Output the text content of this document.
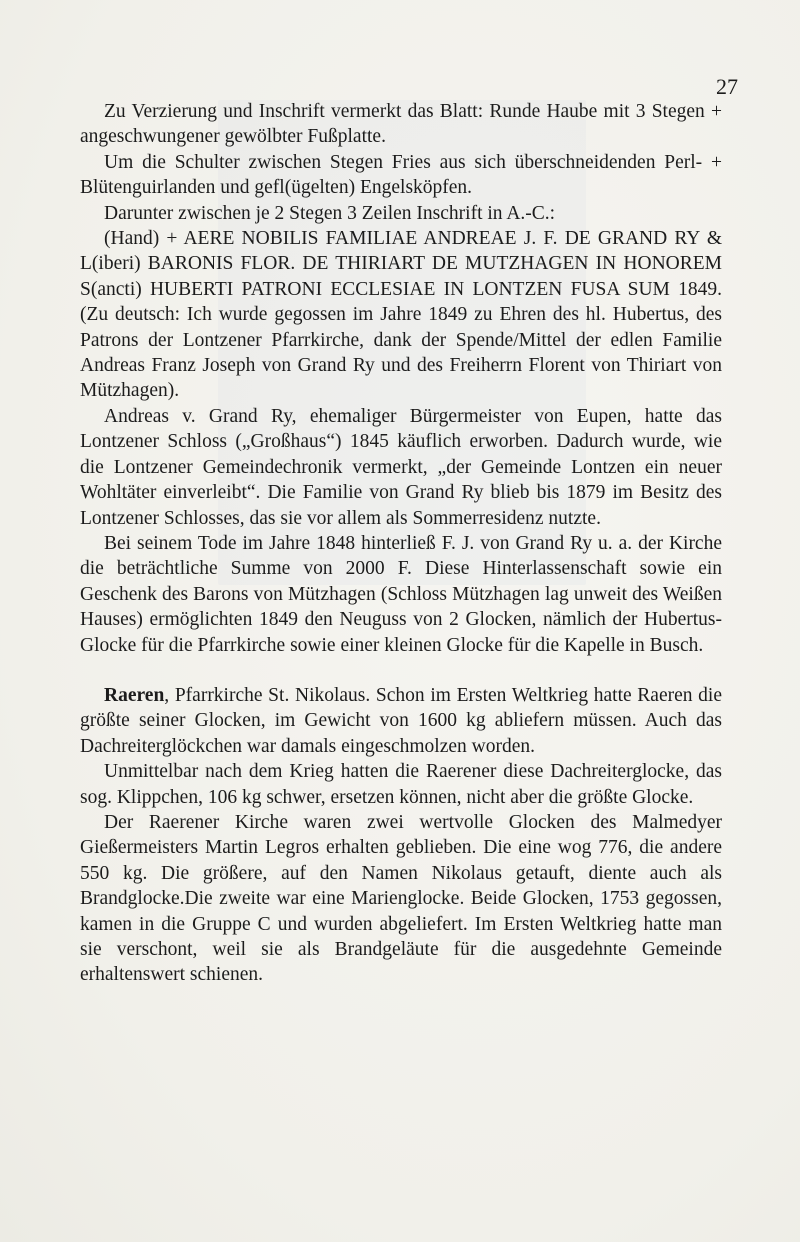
27

Zu Verzierung und Inschrift vermerkt das Blatt: Runde Haube mit 3 Stegen + angeschwungener gewölbter Fußplatte.

Um die Schulter zwischen Stegen Fries aus sich überschneidenden Perl- + Blütenguirlanden und gefl(ügelten) Engelsköpfen.

Darunter zwischen je 2 Stegen 3 Zeilen Inschrift in A.-C.:

(Hand) + AERE NOBILIS FAMILIAE ANDREAE J. F. DE GRAND RY & L(iberi) BARONIS FLOR. DE THIRIART DE MUTZHAGEN IN HONOREM S(ancti) HUBERTI PATRONI ECCLESIAE IN LONTZEN FUSA SUM 1849. (Zu deutsch: Ich wurde gegossen im Jahre 1849 zu Ehren des hl. Hubertus, des Patrons der Lontzener Pfarrkirche, dank der Spende/Mittel der edlen Familie Andreas Franz Joseph von Grand Ry und des Freiherrn Florent von Thiriart von Mützhagen).

Andreas v. Grand Ry, ehemaliger Bürgermeister von Eupen, hatte das Lontzener Schloss („Großhaus“) 1845 käuflich erworben. Dadurch wurde, wie die Lontzener Gemeindechronik vermerkt, „der Gemeinde Lontzen ein neuer Wohltäter einverleibt“. Die Familie von Grand Ry blieb bis 1879 im Besitz des Lontzener Schlosses, das sie vor allem als Sommerresidenz nutzte.

Bei seinem Tode im Jahre 1848 hinterließ F. J. von Grand Ry u. a. der Kirche die beträchtliche Summe von 2000 F. Diese Hinterlassenschaft sowie ein Geschenk des Barons von Mützhagen (Schloss Mützhagen lag unweit des Weißen Hauses) ermöglichten 1849 den Neuguss von 2 Glocken, nämlich der Hubertus-Glocke für die Pfarrkirche sowie einer kleinen Glocke für die Kapelle in Busch.

Raeren, Pfarrkirche St. Nikolaus. Schon im Ersten Weltkrieg hatte Raeren die größte seiner Glocken, im Gewicht von 1600 kg abliefern müssen. Auch das Dachreiterglöckchen war damals eingeschmolzen worden.

Unmittelbar nach dem Krieg hatten die Raerener diese Dachreiterglocke, das sog. Klippchen, 106 kg schwer, ersetzen können, nicht aber die größte Glocke.

Der Raerener Kirche waren zwei wertvolle Glocken des Malmedyer Gießermeisters Martin Legros erhalten geblieben. Die eine wog 776, die andere 550 kg. Die größere, auf den Namen Nikolaus getauft, diente auch als Brandglocke.Die zweite war eine Marienglocke. Beide Glocken, 1753 gegossen, kamen in die Gruppe C und wurden abgeliefert. Im Ersten Weltkrieg hatte man sie verschont, weil sie als Brandgeläute für die ausgedehnte Gemeinde erhaltenswert schienen.
